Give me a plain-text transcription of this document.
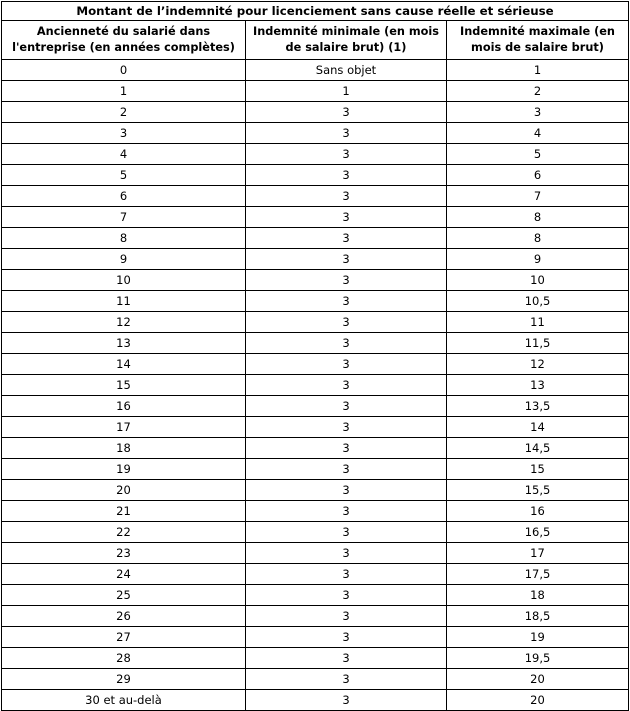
Montant de l’indemnité pour licenciement sans cause réelle et sérieuse		
Ancienneté du salarié dans l'entreprise (en années complètes)	Indemnité minimale (en mois de salaire brut) (1)	Indemnité maximale (en mois de salaire brut)
0	Sans objet	1
1	1	2
2	3	3
3	3	4
4	3	5
5	3	6
6	3	7
7	3	8
8	3	8
9	3	9
10	3	10
11	3	10,5
12	3	11
13	3	11,5
14	3	12
15	3	13
16	3	13,5
17	3	14
18	3	14,5
19	3	15
20	3	15,5
21	3	16
22	3	16,5
23	3	17
24	3	17,5
25	3	18
26	3	18,5
27	3	19
28	3	19,5
29	3	20
30 et au-delà	3	20
